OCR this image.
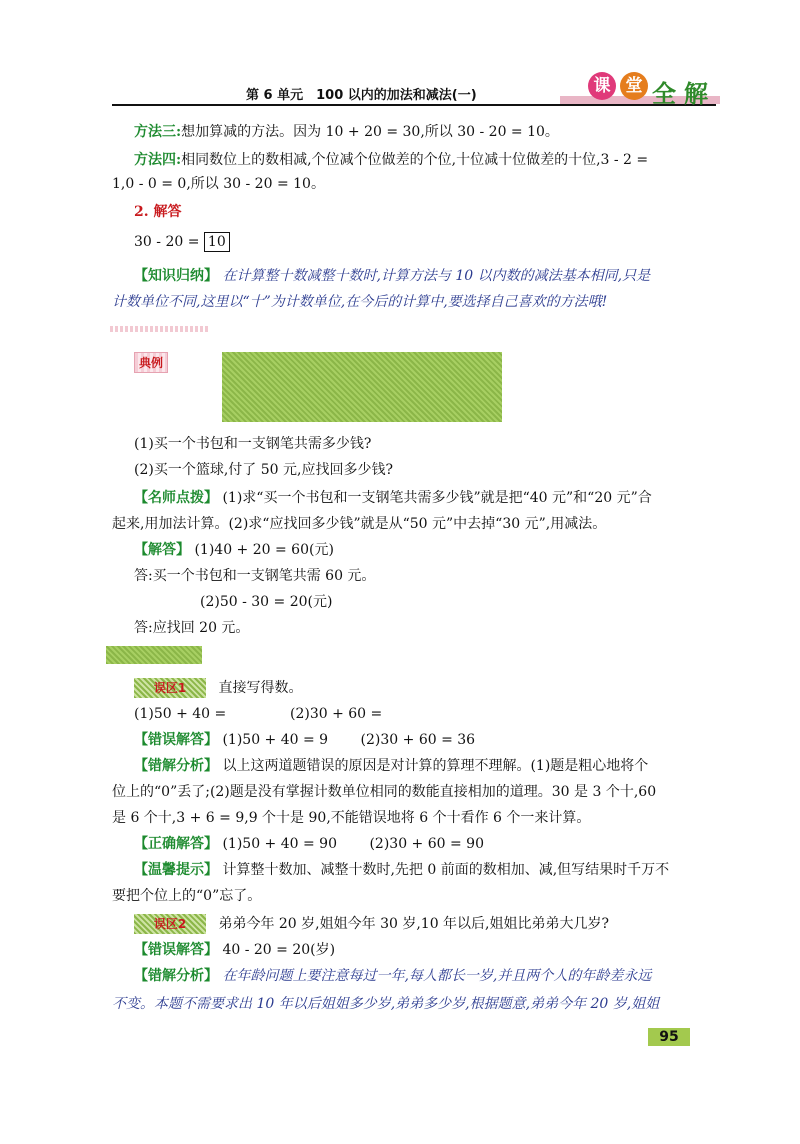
第 6 单元　100 以内的加法和减法(一)	课 堂 全 解
方法三:想加算减的方法。因为 10 + 20 = 30,所以 30 - 20 = 10。
方法四:相同数位上的数相减,个位减个位做差的个位,十位减十位做差的十位,3 - 2 =
1,0 - 0 = 0,所以 30 - 20 = 10。
2. 解答
30 - 20 = 10
【知识归纳】 在计算整十数减整十数时,计算方法与 10 以内数的减法基本相同,只是
计数单位不同,这里以“十”为计数单位,在今后的计算中,要选择自己喜欢的方法哦!
典例
(1)买一个书包和一支钢笔共需多少钱?
(2)买一个篮球,付了 50 元,应找回多少钱?
【名师点拨】 (1)求“买一个书包和一支钢笔共需多少钱”就是把“40 元”和“20 元”合
起来,用加法计算。(2)求“应找回多少钱”就是从“50 元”中去掉“30 元”,用减法。
【解答】 (1)40 + 20 = 60(元)
答:买一个书包和一支钢笔共需 60 元。
(2)50 - 30 = 20(元)
答:应找回 20 元。
误区1 直接写得数。
(1)50 + 40 =	(2)30 + 60 =
【错误解答】 (1)50 + 40 = 9 (2)30 + 60 = 36
【错解分析】 以上这两道题错误的原因是对计算的算理不理解。(1)题是粗心地将个
位上的“0”丢了;(2)题是没有掌握计数单位相同的数能直接相加的道理。30 是 3 个十,60
是 6 个十,3 + 6 = 9,9 个十是 90,不能错误地将 6 个十看作 6 个一来计算。
【正确解答】 (1)50 + 40 = 90 (2)30 + 60 = 90
【温馨提示】 计算整十数加、减整十数时,先把 0 前面的数相加、减,但写结果时千万不
要把个位上的“0”忘了。
误区2 弟弟今年 20 岁,姐姐今年 30 岁,10 年以后,姐姐比弟弟大几岁?
【错误解答】 40 - 20 = 20(岁)
【错解分析】 在年龄问题上要注意每过一年,每人都长一岁,并且两个人的年龄差永远
不变。本题不需要求出 10 年以后姐姐多少岁,弟弟多少岁,根据题意,弟弟今年 20 岁,姐姐
95
